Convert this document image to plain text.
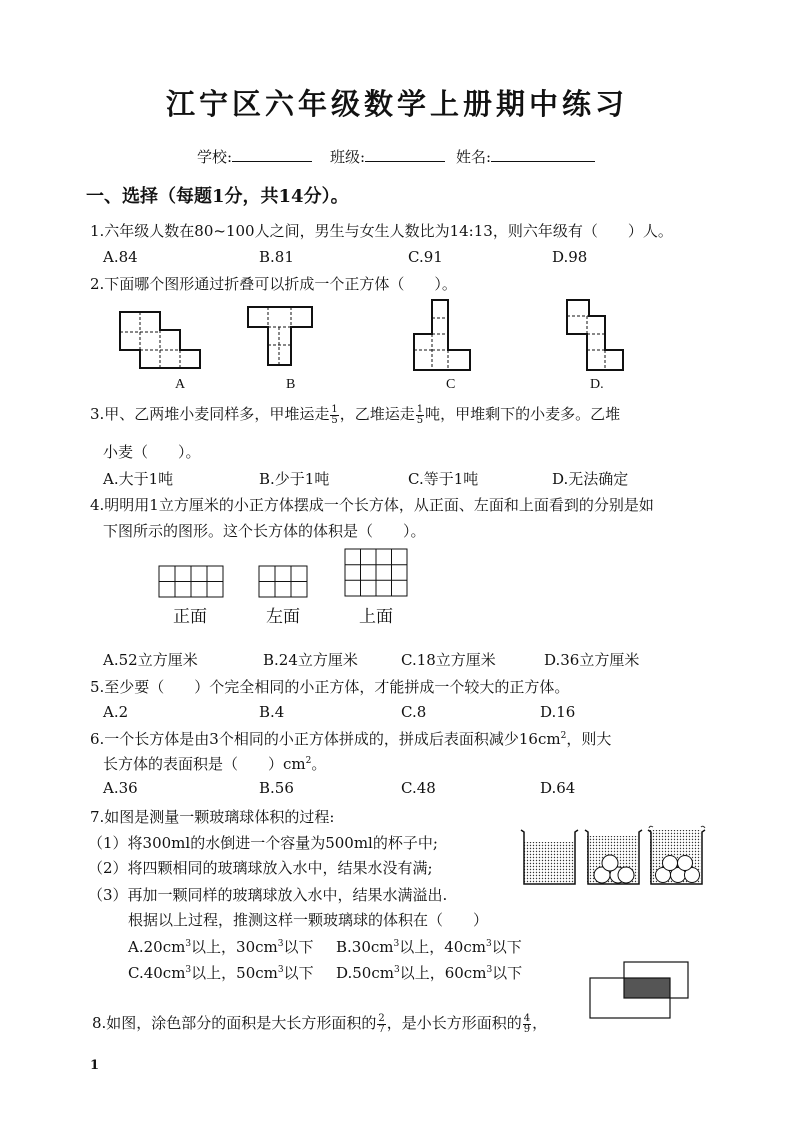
江宁区六年级数学上册期中练习
学校:	班级:	姓名:
一、选择（每题1分，共14分）。
1.六年级人数在80~100人之间，男生与女生人数比为14:13，则六年级有（　　）人。
A.84	B.81	C.91	D.98
2.下面哪个图形通过折叠可以折成一个正方体（　　）。
A	B	C	D.
3.甲、乙两堆小麦同样多，甲堆运走 $\frac{1}{5}$ ，乙堆运走 $\frac{1}{5}$ 吨，甲堆剩下的小麦多。乙堆
小麦（　　）。
A.大于1吨	B.少于1吨	C.等于1吨	D.无法确定
4.明明用1立方厘米的小正方体摆成一个长方体，从正面、左面和上面看到的分别是如
下图所示的图形。这个长方体的体积是（　　）。
正面	左面	上面
A.52立方厘米	B.24立方厘米	C.18立方厘米	D.36立方厘米
5.至少要（　　）个完全相同的小正方体，才能拼成一个较大的正方体。
A.2	B.4	C.8	D.16
6.一个长方体是由3个相同的小正方体拼成的，拼成后表面积减少$16cm^2$，则大
长方体的表面积是（　　）$cm^2$。
A.36	B.56	C.48	D.64
7.如图是测量一颗玻璃球体积的过程:
（1）将300ml的水倒进一个容量为500ml的杯子中;
（2）将四颗相同的玻璃球放入水中，结果水没有满;
（3）再加一颗同样的玻璃球放入水中，结果水满溢出.
根据以上过程，推测这样一颗玻璃球的体积在（　　）
$A.20cm^3$以上，$30cm^3$以下 $B.30cm^3$以上，$40cm^3$以下
$C.40cm^3$以上，$50cm^3$以下 $D.50cm^3$以上，$60cm^3$以下
8.如图，涂色部分的面积是大长方形面积的 $\frac{2}{7}$ ，是小长方形面积的 $\frac{4}{9}$ ，
1
